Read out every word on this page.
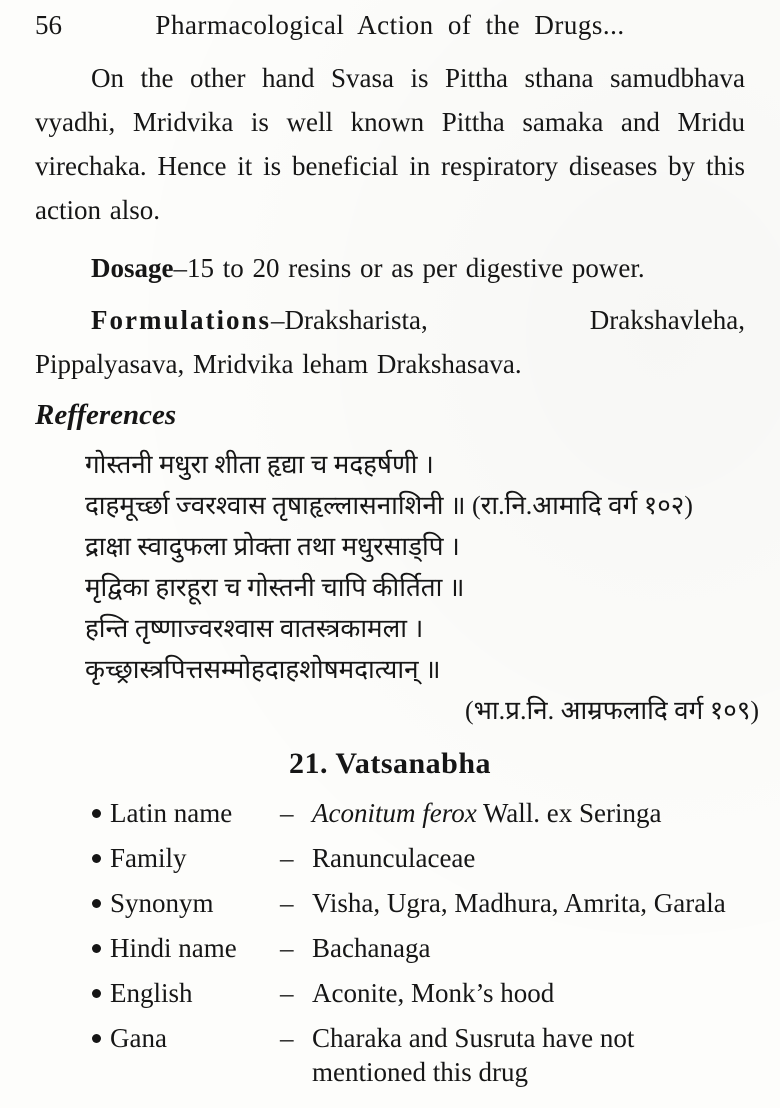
56	Pharmacological Action of the Drugs...

On the other hand Svasa is Pittha sthana samudbhava vyadhi, Mridvika is well known Pittha samaka and Mridu virechaka. Hence it is beneficial in respiratory diseases by this action also.

Dosage–15 to 20 resins or as per digestive power.

Formulations–Draksharista, Drakshavleha, Pippalyasava, Mridvika leham Drakshasava.

Refferences
गोस्तनी मधुरा शीता हृद्या च मदहर्षणी ।
दाहमूर्च्छा ज्वरश्वास तृषाहृल्लासनाशिनी ॥ (रा.नि.आमादि वर्ग १०२)
द्राक्षा स्वादुफला प्रोक्ता तथा मधुरसाड्पि ।
मृद्विका हारहूरा च गोस्तनी चापि कीर्तिता ॥
हन्ति तृष्णाज्वरश्वास वातस्त्रकामला ।
कृच्छ्रास्त्रपित्तसम्मोहदाहशोषमदात्यान् ॥
(भा.प्र.नि. आम्रफलादि वर्ग १०९)
21. Vatsanabha
Latin name	– Aconitum ferox Wall. ex Seringa
Family	– Ranunculaceae
Synonym	– Visha, Ugra, Madhura, Amrita, Garala
Hindi name	– Bachanaga
English	– Aconite, Monk’s hood
Gana	– Charaka and Susruta have not mentioned this drug
